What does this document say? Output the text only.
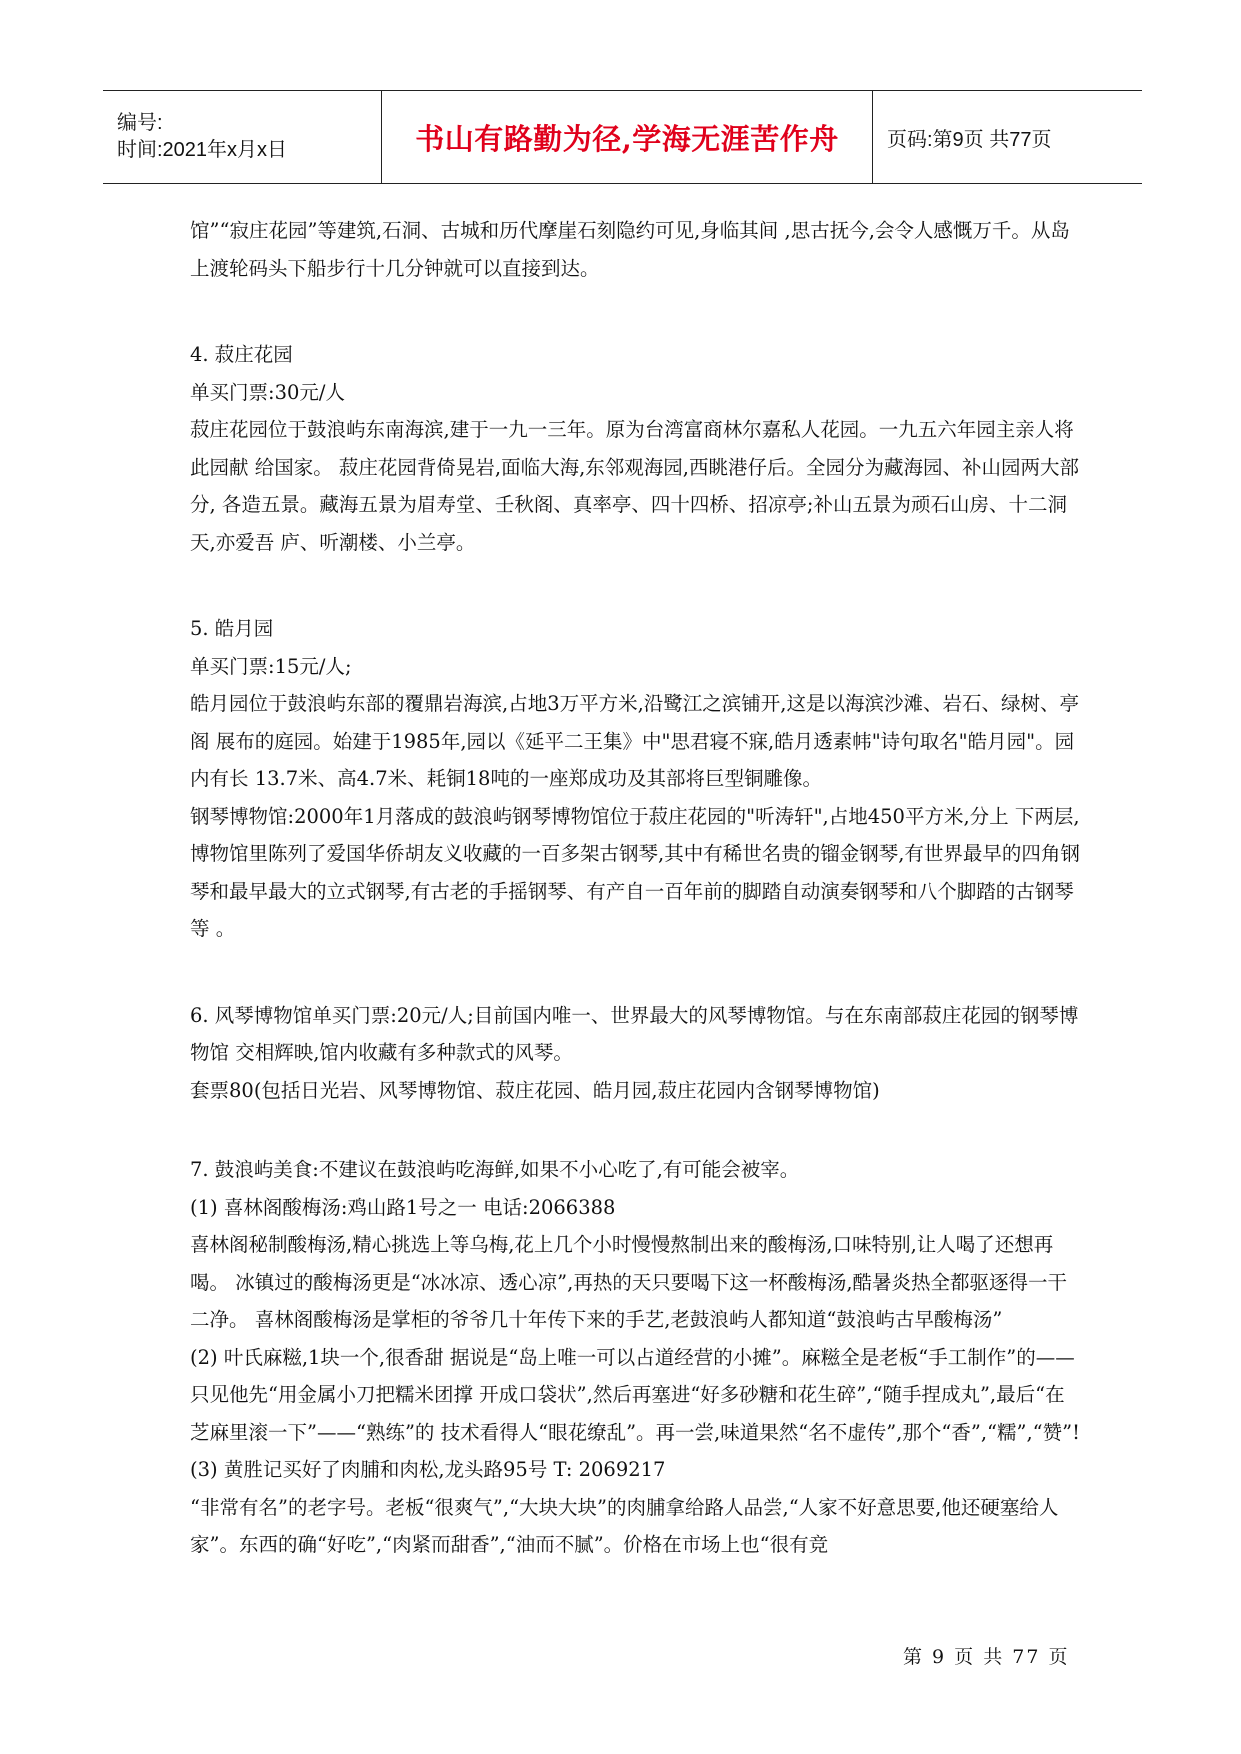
编号:
时间:2021年x月x日	书山有路勤为径,学海无涯苦作舟	页码:第9页 共77页

馆”“寂庄花园”等建筑,石洞、古城和历代摩崖石刻隐约可见,身临其间 ,思古抚今,会令人感慨万千。从岛上渡轮码头下船步行十几分钟就可以直接到达。

4. 菽庄花园

单买门票:30元/人

菽庄花园位于鼓浪屿东南海滨,建于一九一三年。原为台湾富商林尔嘉私人花园。一九五六年园主亲人将此园献 给国家。 菽庄花园背倚晃岩,面临大海,东邻观海园,西眺港仔后。全园分为藏海园、补山园两大部分, 各造五景。藏海五景为眉寿堂、壬秋阁、真率亭、四十四桥、招凉亭;补山五景为顽石山房、十二洞天,亦爱吾 庐、听潮楼、小兰亭。

5. 皓月园

单买门票:15元/人;

皓月园位于鼓浪屿东部的覆鼎岩海滨,占地3万平方米,沿鹭江之滨铺开,这是以海滨沙滩、岩石、绿树、亭阁 展布的庭园。始建于1985年,园以《延平二王集》中"思君寝不寐,皓月透素帏"诗句取名"皓月园"。园内有长 13.7米、高4.7米、耗铜18吨的一座郑成功及其部将巨型铜雕像。

钢琴博物馆:2000年1月落成的鼓浪屿钢琴博物馆位于菽庄花园的"听涛轩",占地450平方米,分上 下两层,博物馆里陈列了爱国华侨胡友义收藏的一百多架古钢琴,其中有稀世名贵的镏金钢琴,有世界最早的四角钢琴和最早最大的立式钢琴,有古老的手摇钢琴、有产自一百年前的脚踏自动演奏钢琴和八个脚踏的古钢琴等 。

6. 风琴博物馆单买门票:20元/人;目前国内唯一、世界最大的风琴博物馆。与在东南部菽庄花园的钢琴博物馆 交相辉映,馆内收藏有多种款式的风琴。

套票80(包括日光岩、风琴博物馆、菽庄花园、皓月园,菽庄花园内含钢琴博物馆)

7. 鼓浪屿美食:不建议在鼓浪屿吃海鲜,如果不小心吃了,有可能会被宰。

(1) 喜林阁酸梅汤:鸡山路1号之一 电话:2066388

喜林阁秘制酸梅汤,精心挑选上等乌梅,花上几个小时慢慢熬制出来的酸梅汤,口味特别,让人喝了还想再喝。 冰镇过的酸梅汤更是“冰冰凉、透心凉”,再热的天只要喝下这一杯酸梅汤,酷暑炎热全都驱逐得一干二净。 喜林阁酸梅汤是掌柜的爷爷几十年传下来的手艺,老鼓浪屿人都知道“鼓浪屿古早酸梅汤”

(2) 叶氏麻糍,1块一个,很香甜 据说是“岛上唯一可以占道经营的小摊”。麻糍全是老板“手工制作”的——只见他先“用金属小刀把糯米团撑 开成口袋状”,然后再塞进“好多砂糖和花生碎”,“随手捏成丸”,最后“在芝麻里滚一下”——“熟练”的 技术看得人“眼花缭乱”。再一尝,味道果然“名不虚传”,那个“香”,“糯”,“赞”!

(3) 黄胜记买好了肉脯和肉松,龙头路95号 T: 2069217

“非常有名”的老字号。老板“很爽气”,“大块大块”的肉脯拿给路人品尝,“人家不好意思要,他还硬塞给人家”。东西的确“好吃”,“肉紧而甜香”,“油而不腻”。价格在市场上也“很有竞

第 9 页 共 77 页
